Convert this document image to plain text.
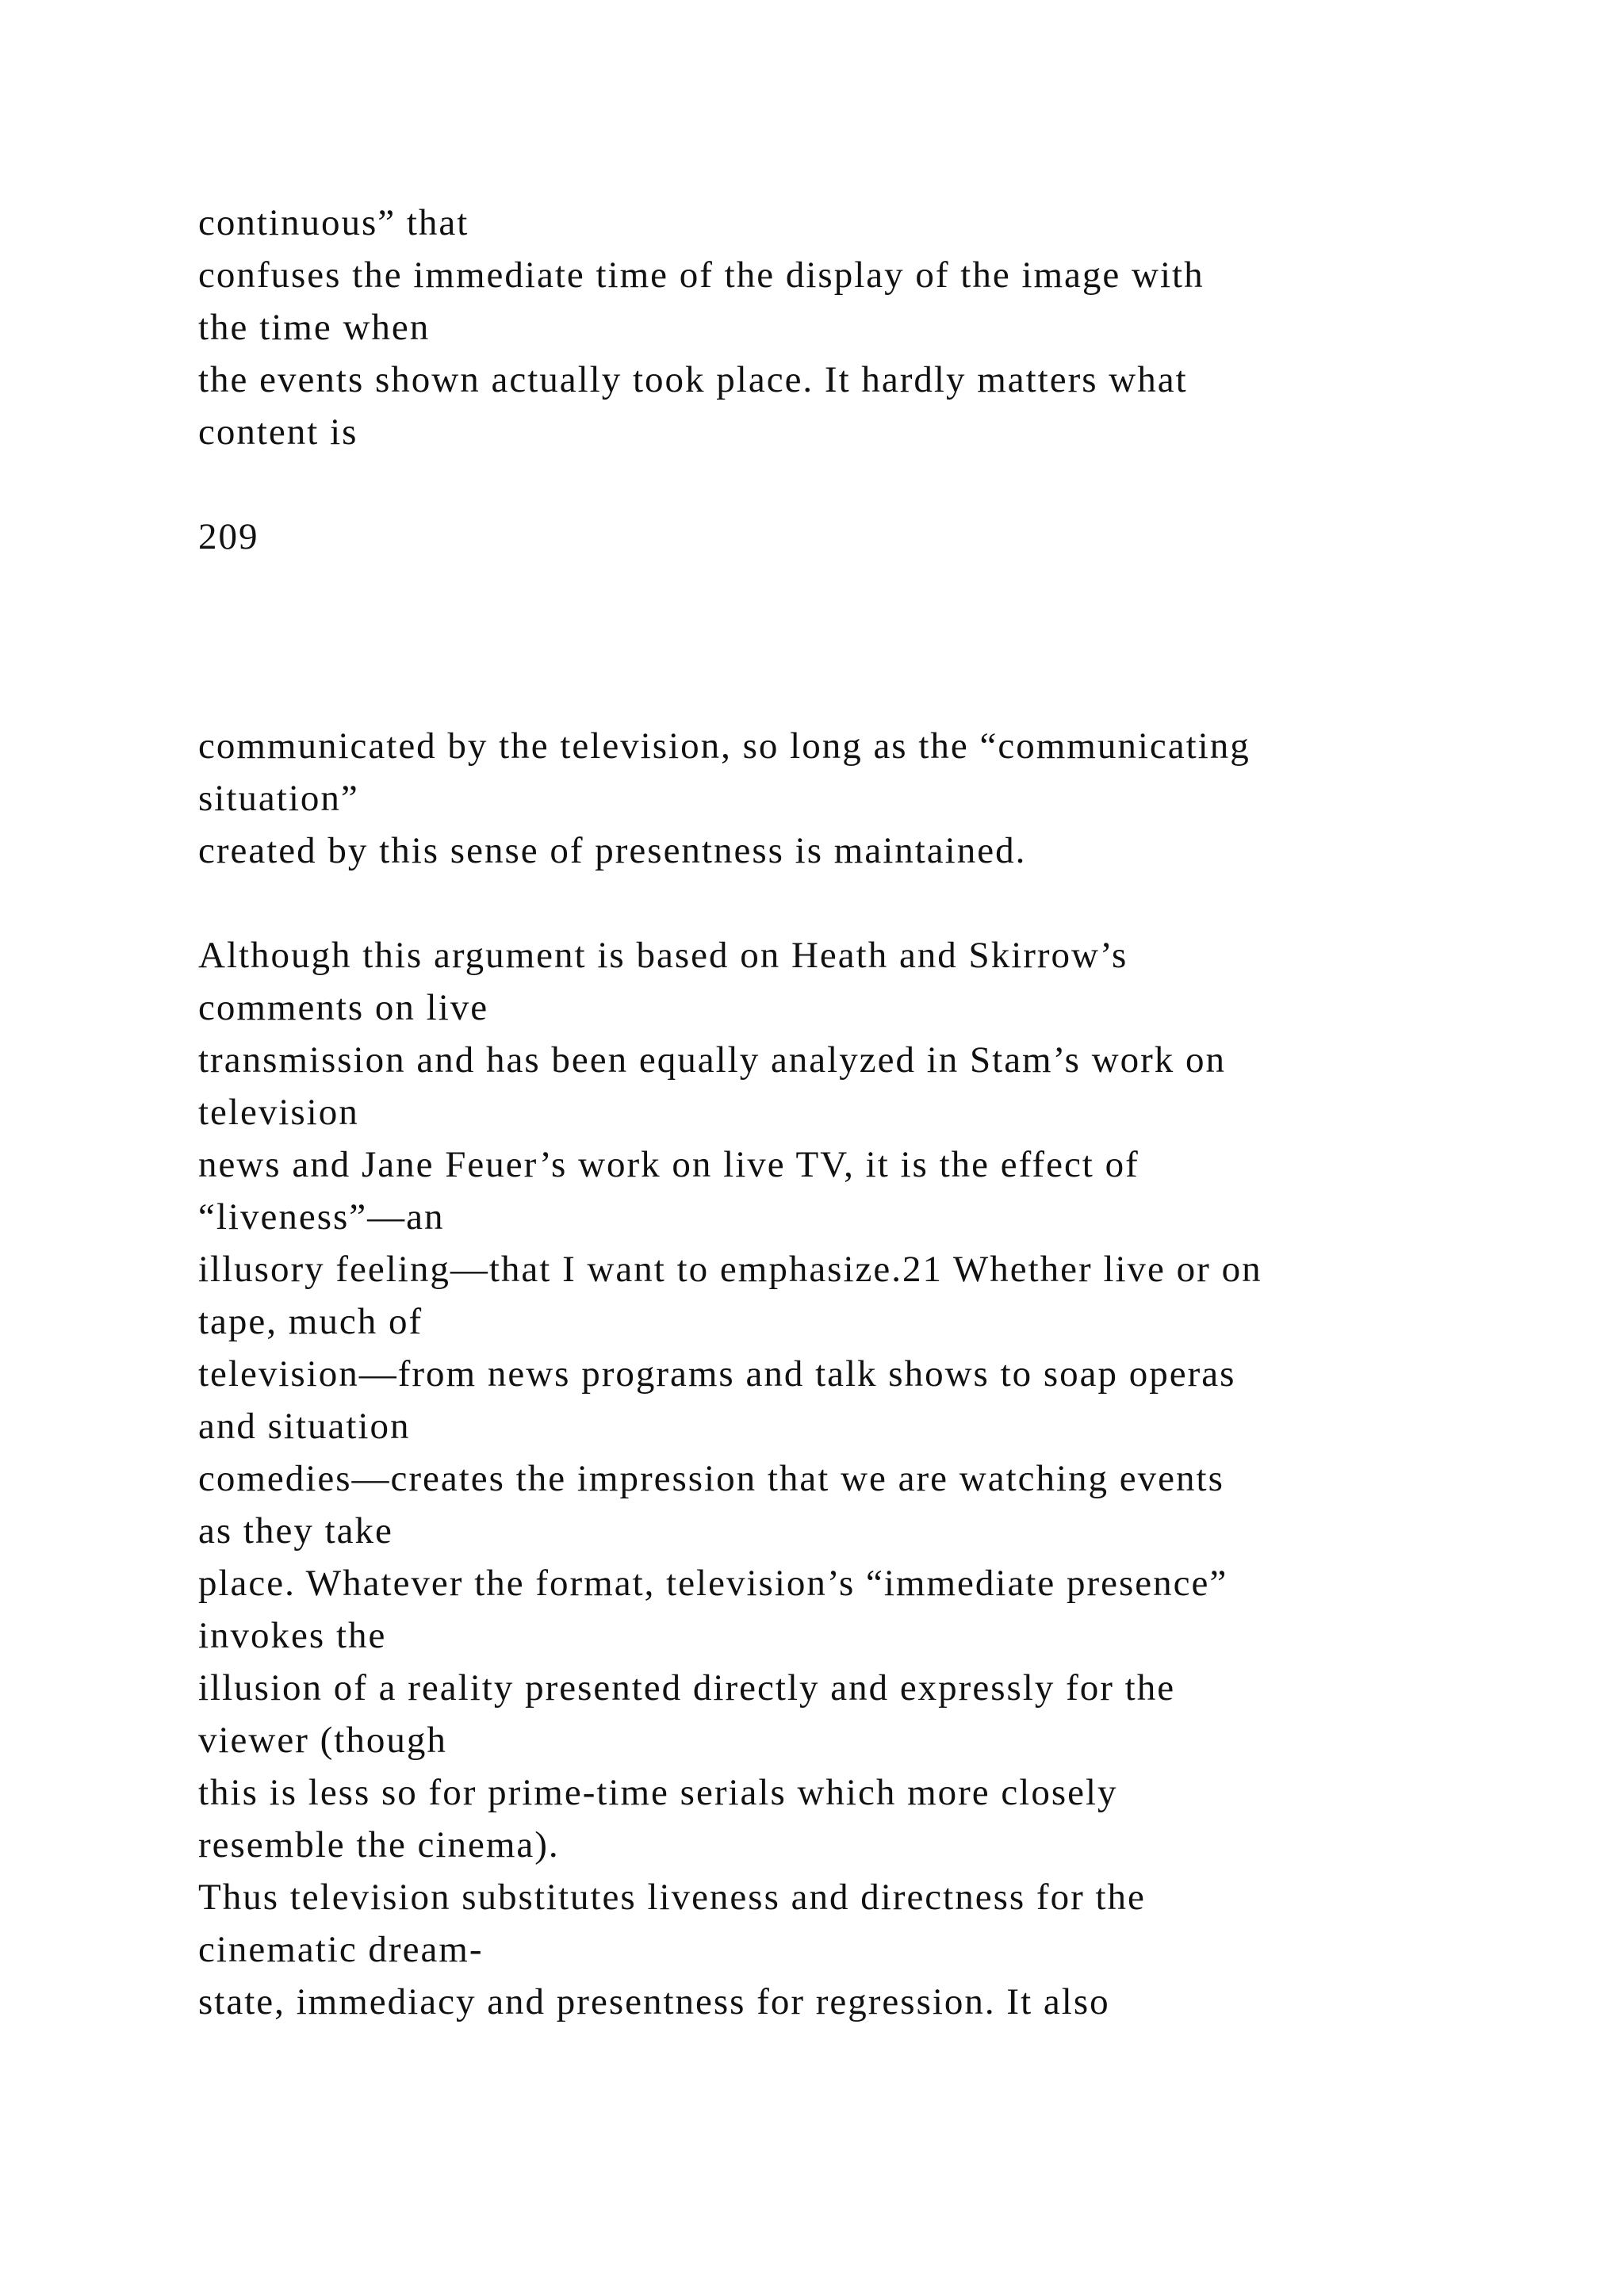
continuous” that
confuses the immediate time of the display of the image with
the time when
the events shown actually took place. It hardly matters what
content is

209

communicated by the television, so long as the “communicating
situation”
created by this sense of presentness is maintained.

Although this argument is based on Heath and Skirrow’s
comments on live
transmission and has been equally analyzed in Stam’s work on
television
news and Jane Feuer’s work on live TV, it is the effect of
“liveness”—an
illusory feeling—that I want to emphasize.21 Whether live or on
tape, much of
television—from news programs and talk shows to soap operas
and situation
comedies—creates the impression that we are watching events
as they take
place. Whatever the format, television’s “immediate presence”
invokes the
illusion of a reality presented directly and expressly for the
viewer (though
this is less so for prime-time serials which more closely
resemble the cinema).

Thus television substitutes liveness and directness for the
cinematic dream-
state, immediacy and presentness for regression. It also
